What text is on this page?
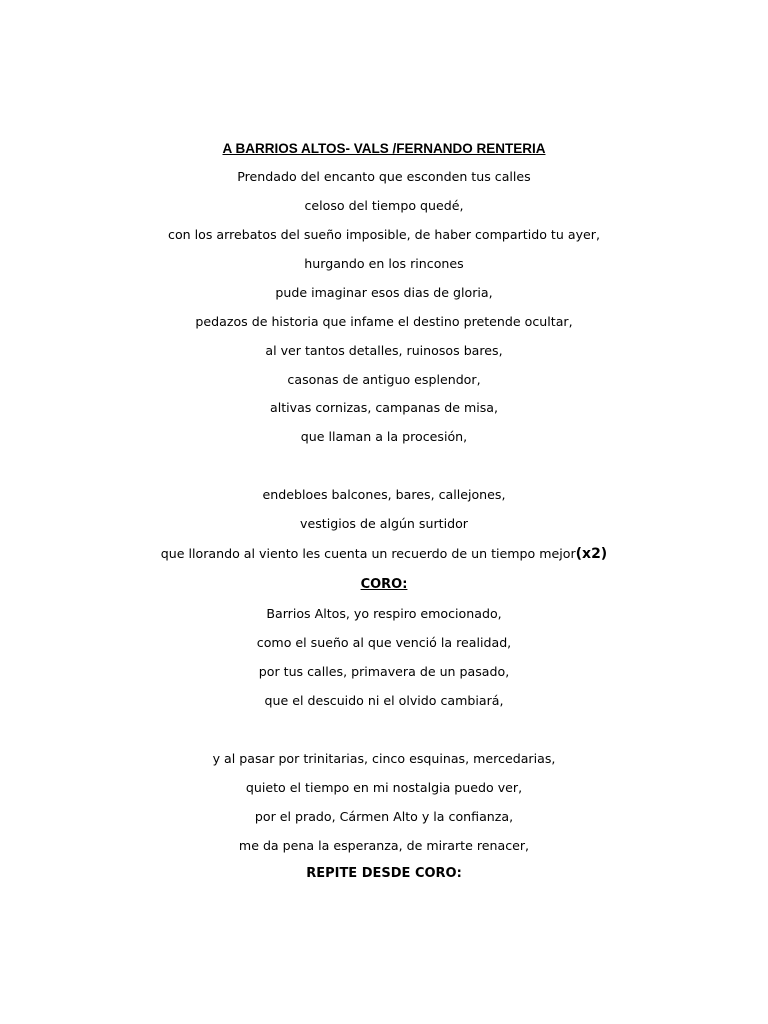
A BARRIOS ALTOS- VALS /FERNANDO RENTERIA
Prendado del encanto que esconden tus calles
celoso del tiempo quedé,
con los arrebatos del sueño imposible, de haber compartido tu ayer,
hurgando en los rincones
pude imaginar esos dias de gloria,
pedazos de historia que infame el destino pretende ocultar,
al ver tantos detalles, ruinosos bares,
casonas de antiguo esplendor,
altivas cornizas, campanas de misa,
que llaman a la procesión,
endebloes balcones, bares, callejones,
vestigios de algún surtidor
que llorando al viento les cuenta un recuerdo de un tiempo mejor(x2)
CORO:
Barrios Altos, yo respiro emocionado,
como el sueño al que venció la realidad,
por tus calles, primavera de un pasado,
que el descuido ni el olvido cambiará,
y al pasar por trinitarias, cinco esquinas, mercedarias,
quieto el tiempo en mi nostalgia puedo ver,
por el prado, Cármen Alto y la confianza,
me da pena la esperanza, de mirarte renacer,
REPITE DESDE CORO:
